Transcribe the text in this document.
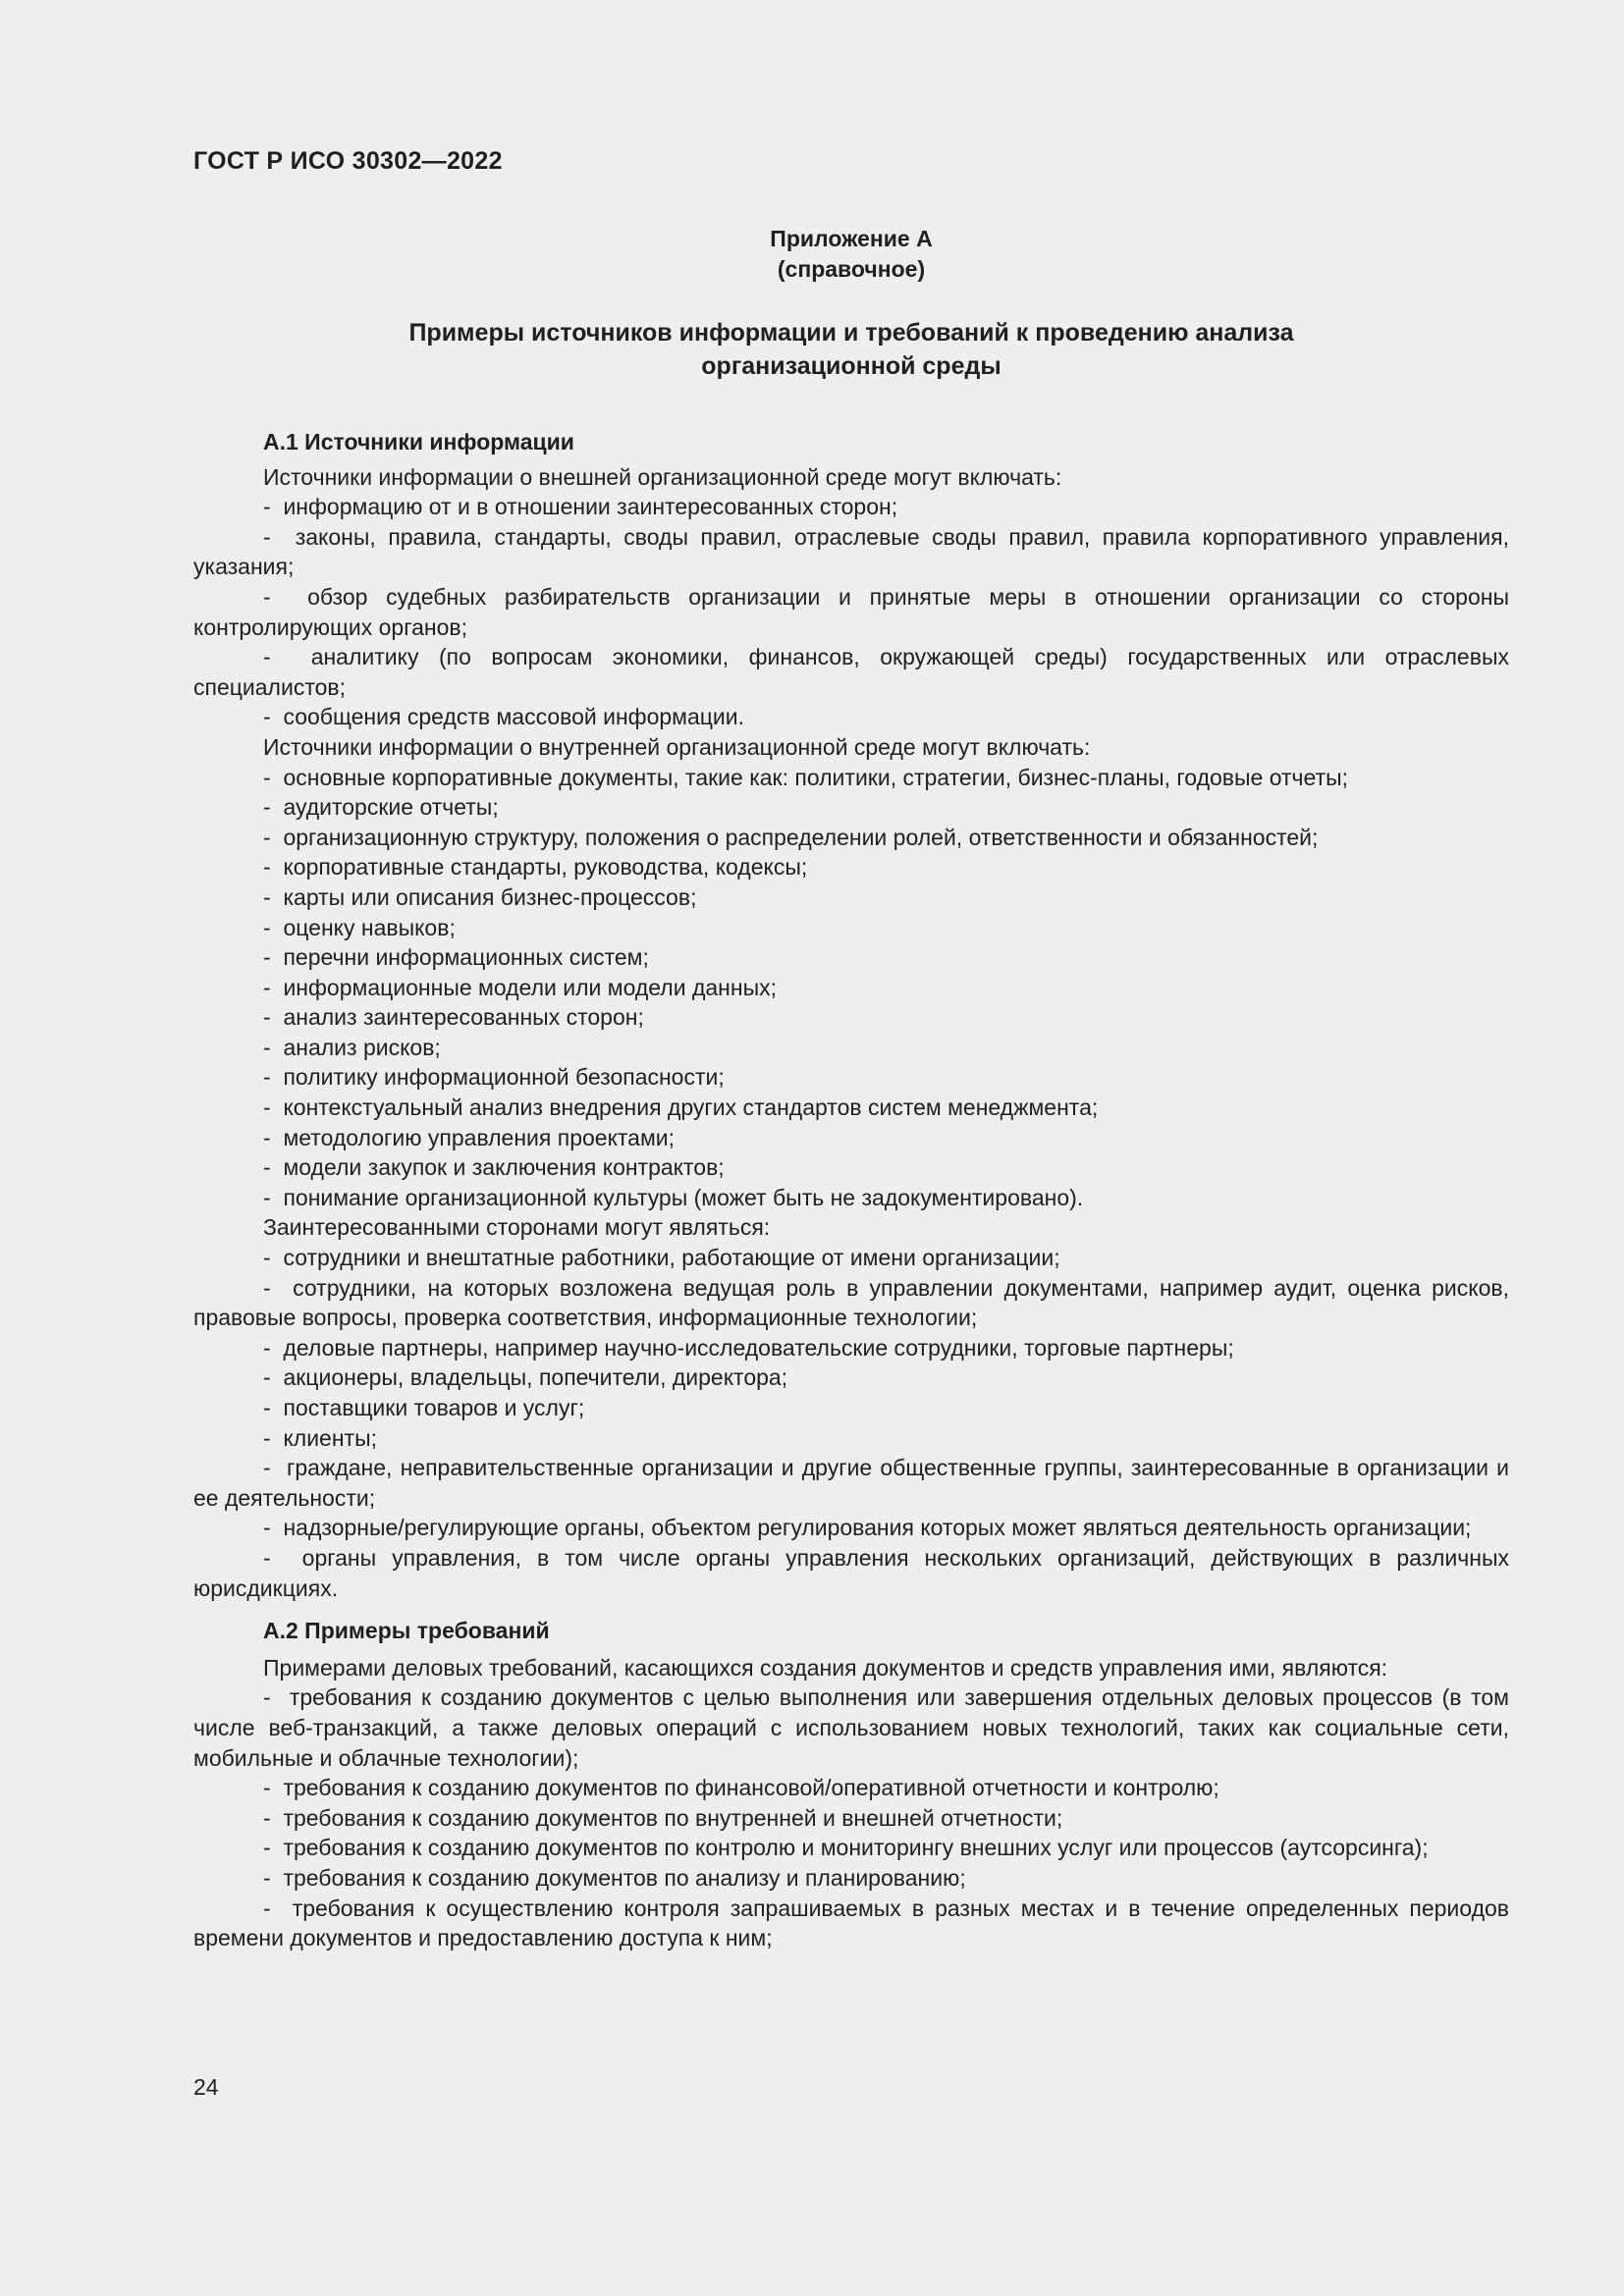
ГОСТ Р ИСО 30302—2022
Приложение А
(справочное)
Примеры источников информации и требований к проведению анализа
организационной среды

А.1 Источники информации

Источники информации о внешней организационной среде могут включать:

-  информацию от и в отношении заинтересованных сторон;

-  законы, правила, стандарты, своды правил, отраслевые своды правил, правила корпоративного управления, указания;

-  обзор судебных разбирательств организации и принятые меры в отношении организации со стороны контролирующих органов;

-  аналитику (по вопросам экономики, финансов, окружающей среды) государственных или отраслевых специалистов;

-  сообщения средств массовой информации.

Источники информации о внутренней организационной среде могут включать:

-  основные корпоративные документы, такие как: политики, стратегии, бизнес-планы, годовые отчеты;

-  аудиторские отчеты;

-  организационную структуру, положения о распределении ролей, ответственности и обязанностей;

-  корпоративные стандарты, руководства, кодексы;

-  карты или описания бизнес-процессов;

-  оценку навыков;

-  перечни информационных систем;

-  информационные модели или модели данных;

-  анализ заинтересованных сторон;

-  анализ рисков;

-  политику информационной безопасности;

-  контекстуальный анализ внедрения других стандартов систем менеджмента;

-  методологию управления проектами;

-  модели закупок и заключения контрактов;

-  понимание организационной культуры (может быть не задокументировано).

Заинтересованными сторонами могут являться:

-  сотрудники и внештатные работники, работающие от имени организации;

-  сотрудники, на которых возложена ведущая роль в управлении документами, например аудит, оценка рисков, правовые вопросы, проверка соответствия, информационные технологии;

-  деловые партнеры, например научно-исследовательские сотрудники, торговые партнеры;

-  акционеры, владельцы, попечители, директора;

-  поставщики товаров и услуг;

-  клиенты;

-  граждане, неправительственные организации и другие общественные группы, заинтересованные в организации и ее деятельности;

-  надзорные/регулирующие органы, объектом регулирования которых может являться деятельность организации;

-  органы управления, в том числе органы управления нескольких организаций, действующих в различных юрисдикциях.

А.2 Примеры требований

Примерами деловых требований, касающихся создания документов и средств управления ими, являются:

-  требования к созданию документов с целью выполнения или завершения отдельных деловых процессов (в том числе веб-транзакций, а также деловых операций с использованием новых технологий, таких как социальные сети, мобильные и облачные технологии);

-  требования к созданию документов по финансовой/оперативной отчетности и контролю;

-  требования к созданию документов по внутренней и внешней отчетности;

-  требования к созданию документов по контролю и мониторингу внешних услуг или процессов (аутсорсинга);

-  требования к созданию документов по анализу и планированию;

-  требования к осуществлению контроля запрашиваемых в разных местах и в течение определенных периодов времени документов и предоставлению доступа к ним;

24
